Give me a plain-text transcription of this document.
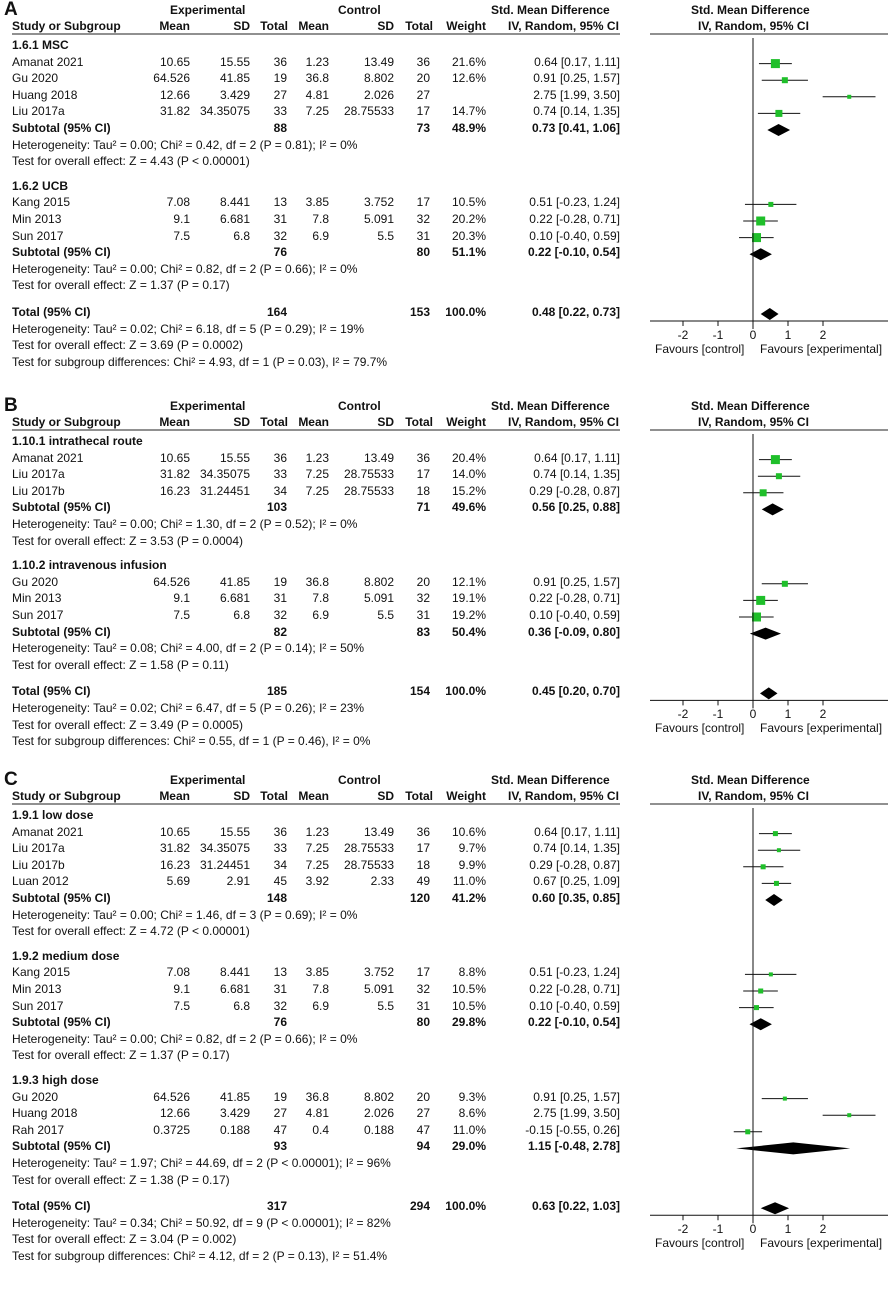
A	Experimental	Control	Std. Mean Difference	Std. Mean Difference
Study or Subgroup	Mean	SD Total Mean	SD Total Weight IV, Random, 95% CI	IV, Random, 95% CI
1.6.1 MSC
Amanat 2021	10.65 15.55 36 1.23	13.49 36 21.6%	0.64 [0.17, 1.11]
Gu 2020	64.526 41.85 19 36.8	8.802 20 12.6%	0.91 [0.25, 1.57]
Huang 2018	12.66 3.429 27 4.81	2.026 27	2.75 [1.99, 3.50]
Liu 2017a	31.82 34.35075 33 7.25 28.75533 17 14.7%	0.74 [0.14, 1.35]
Subtotal (95% CI)	88	73 48.9%	0.73 [0.41, 1.06]
Heterogeneity: Tau² = 0.00; Chi² = 0.42, df = 2 (P = 0.81); I² = 0%
Test for overall effect: Z = 4.43 (P < 0.00001)
1.6.2 UCB
Kang 2015	7.08 8.441 13 3.85	3.752 17 10.5%	0.51 [-0.23, 1.24]
Min 2013	9.1 6.681 31 7.8	5.091 32 20.2%	0.22 [-0.28, 0.71]
Sun 2017	7.5	6.8 32 6.9	5.5 31 20.3%	0.10 [-0.40, 0.59]
Subtotal (95% CI)	76	80 51.1%	0.22 [-0.10, 0.54]
Heterogeneity: Tau² = 0.00; Chi² = 0.82, df = 2 (P = 0.66); I² = 0%
Test for overall effect: Z = 1.37 (P = 0.17)
Total (95% CI)	164	153 100.0%	0.48 [0.22, 0.73]
Heterogeneity: Tau² = 0.02; Chi² = 6.18, df = 5 (P = 0.29); I² = 19%
Test for overall effect: Z = 3.69 (P = 0.0002)
Test for subgroup differences: Chi² = 4.93, df = 1 (P = 0.03), I² = 79.7%
-2 -1	0	1	2
Favours [control] Favours [experimental]
B	Experimental	Control	Std. Mean Difference	Std. Mean Difference
Study or Subgroup	Mean	SD Total Mean	SD Total Weight IV, Random, 95% CI	IV, Random, 95% CI
1.10.1 intrathecal route
Amanat 2021	10.65 15.55 36 1.23	13.49 36 20.4%	0.64 [0.17, 1.11]
Liu 2017a	31.82 34.35075 33 7.25 28.75533 17 14.0%	0.74 [0.14, 1.35]
Liu 2017b	16.23 31.24451 34 7.25 28.75533 18 15.2%	0.29 [-0.28, 0.87]
Subtotal (95% CI)	103	71 49.6%	0.56 [0.25, 0.88]
Heterogeneity: Tau² = 0.00; Chi² = 1.30, df = 2 (P = 0.52); I² = 0%
Test for overall effect: Z = 3.53 (P = 0.0004)
1.10.2 intravenous infusion
Gu 2020	64.526 41.85 19 36.8	8.802 20 12.1%	0.91 [0.25, 1.57]
Min 2013	9.1 6.681 31 7.8	5.091 32 19.1%	0.22 [-0.28, 0.71]
Sun 2017	7.5	6.8 32 6.9	5.5 31 19.2%	0.10 [-0.40, 0.59]
Subtotal (95% CI)	82	83 50.4%	0.36 [-0.09, 0.80]
Heterogeneity: Tau² = 0.08; Chi² = 4.00, df = 2 (P = 0.14); I² = 50%
Test for overall effect: Z = 1.58 (P = 0.11)
Total (95% CI)	185	154 100.0%	0.45 [0.20, 0.70]
Heterogeneity: Tau² = 0.02; Chi² = 6.47, df = 5 (P = 0.26); I² = 23%
Test for overall effect: Z = 3.49 (P = 0.0005)
Test for subgroup differences: Chi² = 0.55, df = 1 (P = 0.46), I² = 0%
-2 -1	0	1	2
Favours [control] Favours [experimental]
C	Experimental	Control	Std. Mean Difference	Std. Mean Difference
Study or Subgroup	Mean	SD Total Mean	SD Total Weight IV, Random, 95% CI	IV, Random, 95% CI
1.9.1 low dose
Amanat 2021	10.65 15.55 36 1.23	13.49 36 10.6%	0.64 [0.17, 1.11]
Liu 2017a	31.82 34.35075 33 7.25 28.75533 17 9.7%	0.74 [0.14, 1.35]
Liu 2017b	16.23 31.24451 34 7.25 28.75533 18 9.9%	0.29 [-0.28, 0.87]
Luan 2012	5.69	2.91 45 3.92	2.33 49 11.0%	0.67 [0.25, 1.09]
Subtotal (95% CI)	148	120 41.2%	0.60 [0.35, 0.85]
Heterogeneity: Tau² = 0.00; Chi² = 1.46, df = 3 (P = 0.69); I² = 0%
Test for overall effect: Z = 4.72 (P < 0.00001)
1.9.2 medium dose
Kang 2015	7.08 8.441 13 3.85	3.752 17 8.8%	0.51 [-0.23, 1.24]
Min 2013	9.1 6.681 31 7.8	5.091 32 10.5%	0.22 [-0.28, 0.71]
Sun 2017	7.5	6.8 32 6.9	5.5 31 10.5%	0.10 [-0.40, 0.59]
Subtotal (95% CI)	76	80 29.8%	0.22 [-0.10, 0.54]
Heterogeneity: Tau² = 0.00; Chi² = 0.82, df = 2 (P = 0.66); I² = 0%
Test for overall effect: Z = 1.37 (P = 0.17)
1.9.3 high dose
Gu 2020	64.526 41.85 19 36.8	8.802 20 9.3%	0.91 [0.25, 1.57]
Huang 2018	12.66 3.429 27 4.81	2.026 27 8.6%	2.75 [1.99, 3.50]
Rah 2017	0.3725 0.188 47 0.4	0.188 47 11.0%	-0.15 [-0.55, 0.26]
Subtotal (95% CI)	93	94 29.0%	1.15 [-0.48, 2.78]
Heterogeneity: Tau² = 1.97; Chi² = 44.69, df = 2 (P < 0.00001); I² = 96%
Test for overall effect: Z = 1.38 (P = 0.17)
Total (95% CI)	317	294 100.0%	0.63 [0.22, 1.03]
Heterogeneity: Tau² = 0.34; Chi² = 50.92, df = 9 (P < 0.00001); I² = 82%
Test for overall effect: Z = 3.04 (P = 0.002)
Test for subgroup differences: Chi² = 4.12, df = 2 (P = 0.13), I² = 51.4%
-2 -1	0	1	2
Favours [control] Favours [experimental]
